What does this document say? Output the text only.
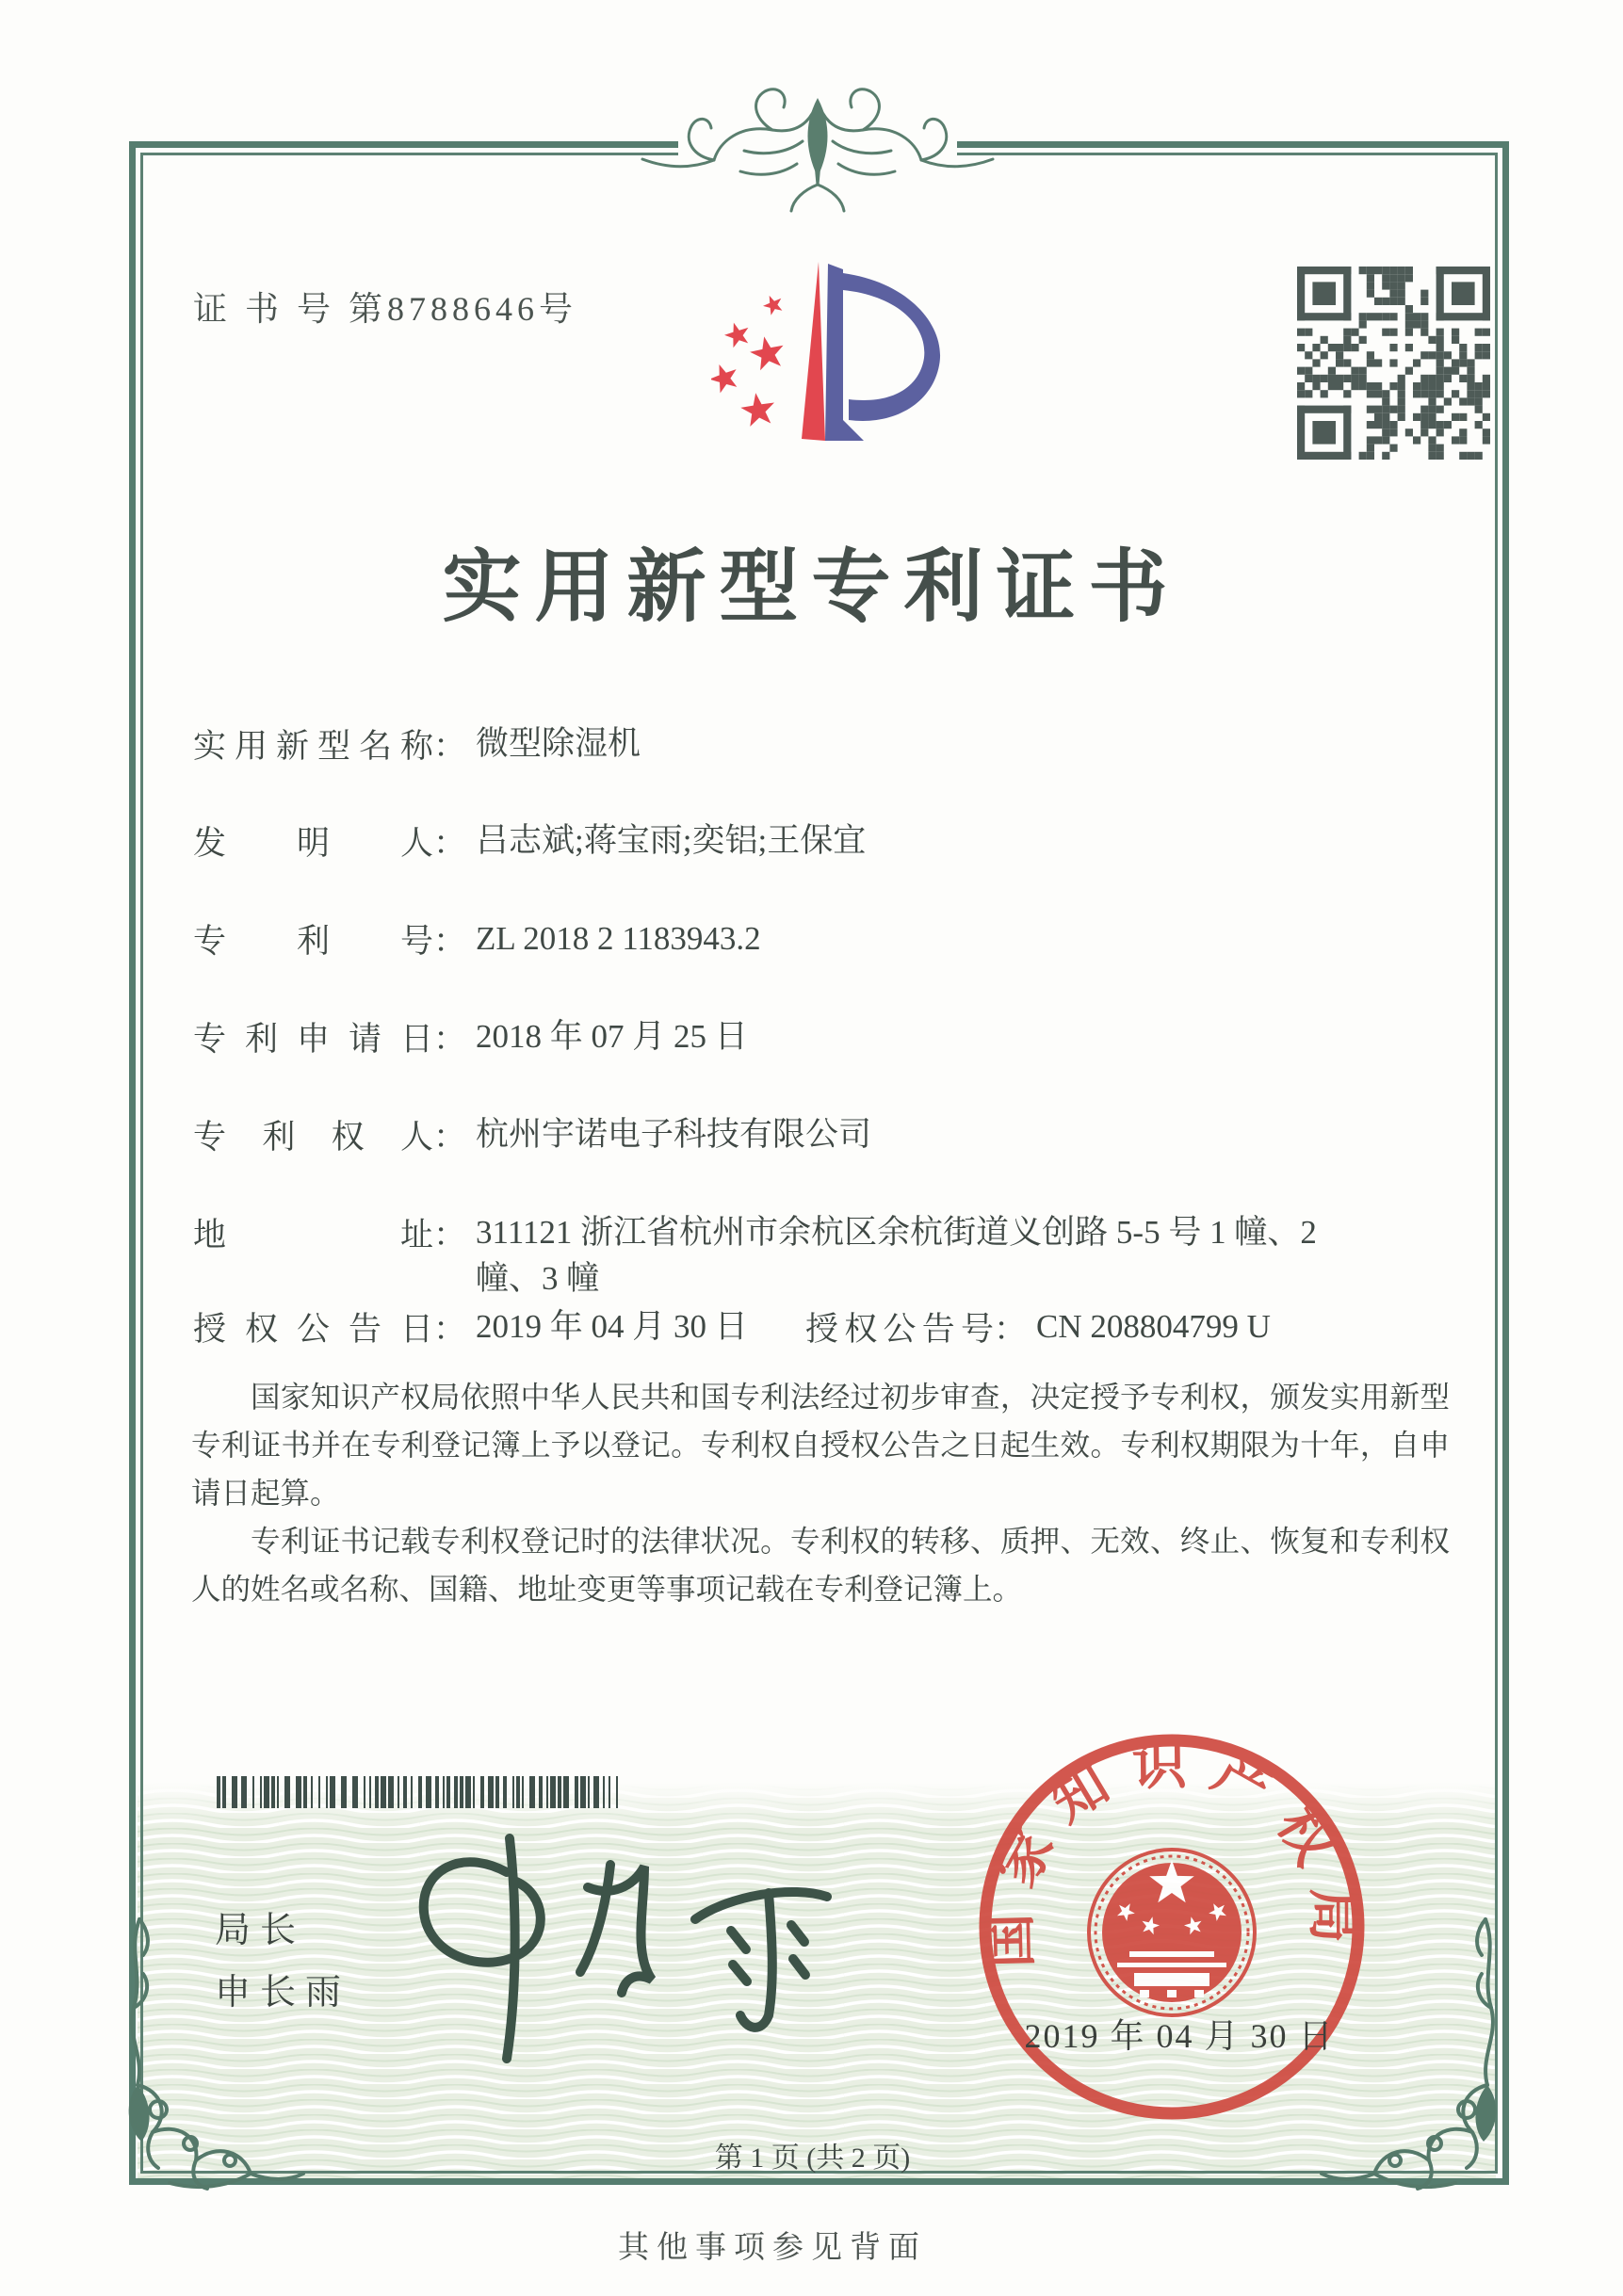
证 书 号 第8788646号
实用新型专利证书
实用新型名称： 微型除湿机
发明人： 吕志斌;蒋宝雨;奕铝;王保宜
专利号： ZL 2018 2 1183943.2
专利申请日： 2018 年 07 月 25 日
专利权人： 杭州宇诺电子科技有限公司
地址： 311121 浙江省杭州市余杭区余杭街道义创路 5-5 号 1 幢、2
幢、3 幢
授权公告日： 2019 年 04 月 30 日 授权公告号： CN 208804799 U

国家知识产权局依照中华人民共和国专利法经过初步审查，决定授予专利权，颁发实用新型专利证书并在专利登记簿上予以登记。专利权自授权公告之日起生效。专利权期限为十年，自申请日起算。

专利证书记载专利权登记时的法律状况。专利权的转移、质押、无效、终止、恢复和专利权人的姓名或名称、国籍、地址变更等事项记载在专利登记簿上。

局长
申长雨
国家知识产权局
2019 年 04 月 30 日
第 1 页 (共 2 页)
其他事项参见背面
